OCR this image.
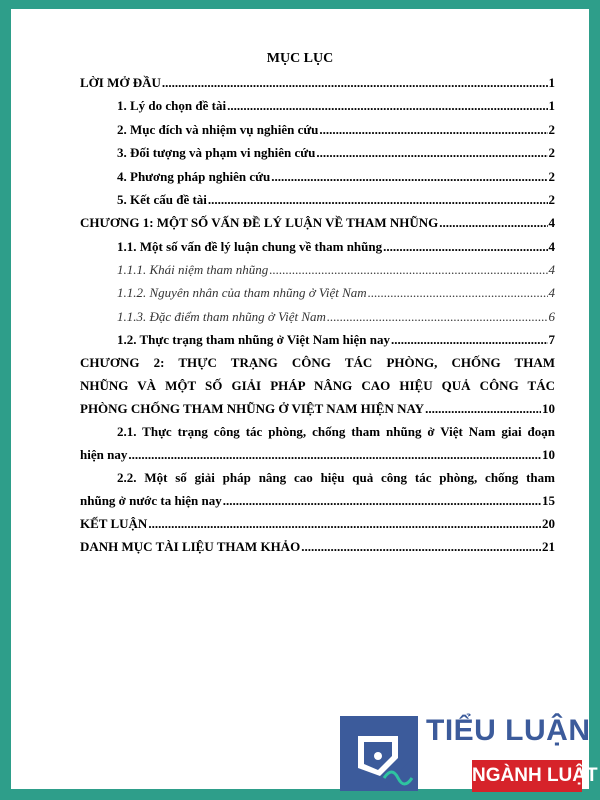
MỤC LỤC
LỜI MỞ ĐẦU .....	1
1. Lý do chọn đề tài .....	1
2. Mục đích và nhiệm vụ nghiên cứu .....	2
3. Đối tượng và phạm vi nghiên cứu .....	2
4. Phương pháp nghiên cứu .....	2
5. Kết cấu đề tài .....	2
CHƯƠNG 1: MỘT SỐ VẤN ĐỀ LÝ LUẬN VỀ THAM NHŨNG .....	4
1.1. Một số vấn đề lý luận chung về tham nhũng .....	4
1.1.1. Khái niệm tham nhũng .....	4
1.1.2. Nguyên nhân của tham nhũng ở Việt Nam .....	4
1.1.3. Đặc điểm tham nhũng ở Việt Nam .....	6
1.2. Thực trạng tham nhũng ở Việt Nam hiện nay .....	7
CHƯƠNG 2: THỰC TRẠNG CÔNG TÁC PHÒNG, CHỐNG THAM
NHŨNG VÀ MỘT SỐ GIẢI PHÁP NÂNG CAO HIỆU QUẢ CÔNG TÁC
PHÒNG CHỐNG THAM NHŨNG Ở VIỆT NAM HIỆN NAY .....	10
2.1. Thực trạng công tác phòng, chống tham nhũng ở Việt Nam giai đoạn
hiện nay .....	10
2.2. Một số giải pháp nâng cao hiệu quả công tác phòng, chống tham
nhũng ở nước ta hiện nay .....	15
KẾT LUẬN .....	20
DANH MỤC TÀI LIỆU THAM KHẢO .....	21
TIỂU LUẬN
NGÀNH LUẬT
